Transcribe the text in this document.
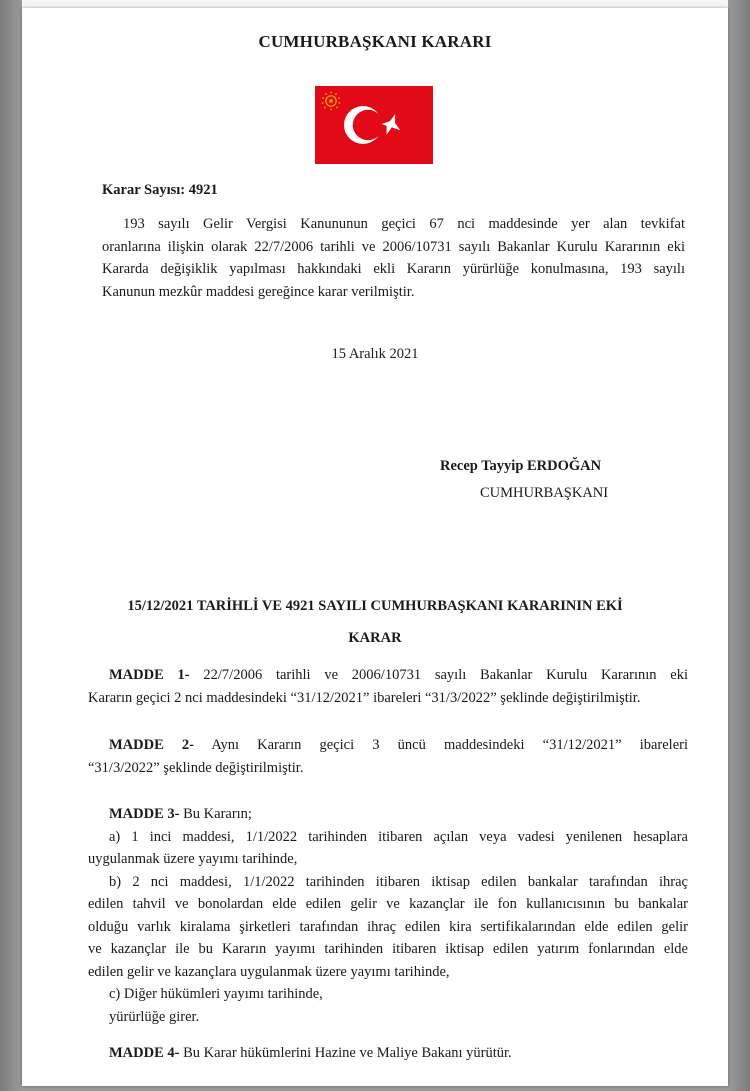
CUMHURBAŞKANI KARARI
Karar Sayısı: 4921
193 sayılı Gelir Vergisi Kanununun geçici 67 nci maddesinde yer alan tevkifat
oranlarına ilişkin olarak 22/7/2006 tarihli ve 2006/10731 sayılı Bakanlar Kurulu Kararının eki
Kararda değişiklik yapılması hakkındaki ekli Kararın yürürlüğe konulmasına, 193 sayılı
Kanunun mezkûr maddesi gereğince karar verilmiştir.
15 Aralık 2021
Recep Tayyip ERDOĞAN
CUMHURBAŞKANI
15/12/2021 TARİHLİ VE 4921 SAYILI CUMHURBAŞKANI KARARININ EKİ
KARAR
MADDE 1- 22/7/2006 tarihli ve 2006/10731 sayılı Bakanlar Kurulu Kararının eki
Kararın geçici 2 nci maddesindeki “31/12/2021” ibareleri “31/3/2022” şeklinde değiştirilmiştir.
MADDE 2- Aynı Kararın geçici 3 üncü maddesindeki “31/12/2021” ibareleri
“31/3/2022” şeklinde değiştirilmiştir.
MADDE 3- Bu Kararın;
a) 1 inci maddesi, 1/1/2022 tarihinden itibaren açılan veya vadesi yenilenen hesaplara
uygulanmak üzere yayımı tarihinde,
b) 2 nci maddesi, 1/1/2022 tarihinden itibaren iktisap edilen bankalar tarafından ihraç
edilen tahvil ve bonolardan elde edilen gelir ve kazançlar ile fon kullanıcısının bu bankalar
olduğu varlık kiralama şirketleri tarafından ihraç edilen kira sertifikalarından elde edilen gelir
ve kazançlar ile bu Kararın yayımı tarihinden itibaren iktisap edilen yatırım fonlarından elde
edilen gelir ve kazançlara uygulanmak üzere yayımı tarihinde,
c) Diğer hükümleri yayımı tarihinde,
yürürlüğe girer.
MADDE 4- Bu Karar hükümlerini Hazine ve Maliye Bakanı yürütür.
